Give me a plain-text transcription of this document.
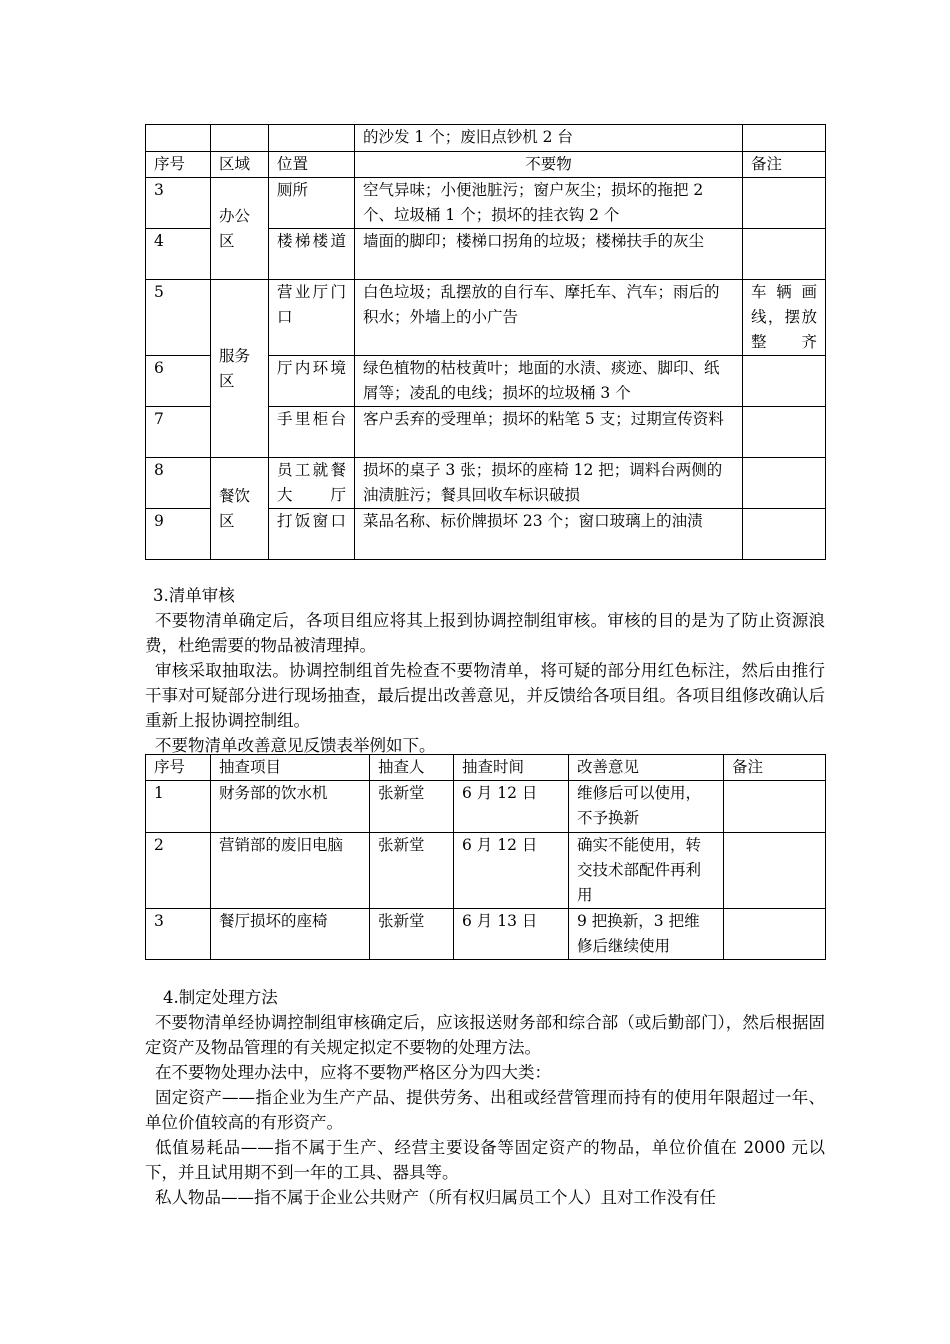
			的沙发 1 个；废旧点钞机 2 台	
序号	区域	位置	不要物	备注
3	办公区	厕所	空气异味；小便池脏污；窗户灰尘；损坏的拖把 2 个、垃圾桶 1 个；损坏的挂衣钩 2 个	
4		楼梯楼道	墙面的脚印；楼梯口拐角的垃圾；楼梯扶手的灰尘	
5	服务区	营业厅门口	白色垃圾；乱摆放的自行车、摩托车、汽车；雨后的积水；外墙上的小广告	车辆画线，摆放整齐
6		厅内环境	绿色植物的枯枝黄叶；地面的水渍、痰迹、脚印、纸屑等；凌乱的电线；损坏的垃圾桶 3 个	
7		手里柜台	客户丢弃的受理单；损坏的粘笔 5 支；过期宣传资料	
8	餐饮区	员工就餐大厅	损坏的桌子 3 张；损坏的座椅 12 把；调料台两侧的油渍脏污；餐具回收车标识破损	
9		打饭窗口	菜品名称、标价牌损坏 23 个；窗口玻璃上的油渍	
3.清单审核
不要物清单确定后，各项目组应将其上报到协调控制组审核。审核的目的是为了防止资源浪费，杜绝需要的物品被清理掉。
审核采取抽取法。协调控制组首先检查不要物清单，将可疑的部分用红色标注，然后由推行干事对可疑部分进行现场抽查，最后提出改善意见，并反馈给各项目组。各项目组修改确认后重新上报协调控制组。
不要物清单改善意见反馈表举例如下。
序号	抽查项目	抽查人	抽查时间	改善意见	备注
1	财务部的饮水机	张新堂	6 月 12 日	维修后可以使用，不予换新	
2	营销部的废旧电脑	张新堂	6 月 12 日	确实不能使用，转交技术部配件再利用	
3	餐厅损坏的座椅	张新堂	6 月 13 日	9 把换新，3 把维修后继续使用	
4.制定处理方法
不要物清单经协调控制组审核确定后，应该报送财务部和综合部（或后勤部门），然后根据固定资产及物品管理的有关规定拟定不要物的处理方法。
在不要物处理办法中，应将不要物严格区分为四大类：
固定资产——指企业为生产产品、提供劳务、出租或经营管理而持有的使用年限超过一年、单位价值较高的有形资产。
低值易耗品——指不属于生产、经营主要设备等固定资产的物品，单位价值在 2000 元以下，并且试用期不到一年的工具、器具等。
私人物品——指不属于企业公共财产（所有权归属员工个人）且对工作没有任
